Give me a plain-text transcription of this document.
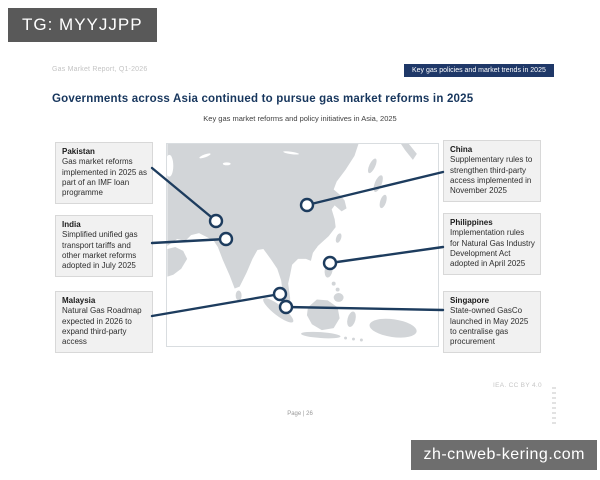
TG: MYYJJPP
Gas Market Report, Q1-2026	Key gas policies and market trends in 2025
Governments across Asia continued to pursue gas market reforms in 2025
Key gas market reforms and policy initiatives in Asia, 2025
Pakistan
Gas market reforms implemented in 2025 as part of an IMF loan programme
India
Simplified unified gas transport tariffs and other market reforms adopted in July 2025
Malaysia
Natural Gas Roadmap expected in 2026 to expand third-party access
China
Supplementary rules to strengthen third-party access implemented in November 2025
Philippines
Implementation rules for Natural Gas Industry Development Act adopted in April 2025
Singapore
State-owned GasCo launched in May 2025 to centralise gas procurement
IEA. CC BY 4.0
Page | 26
zh-cnweb-kering.com
